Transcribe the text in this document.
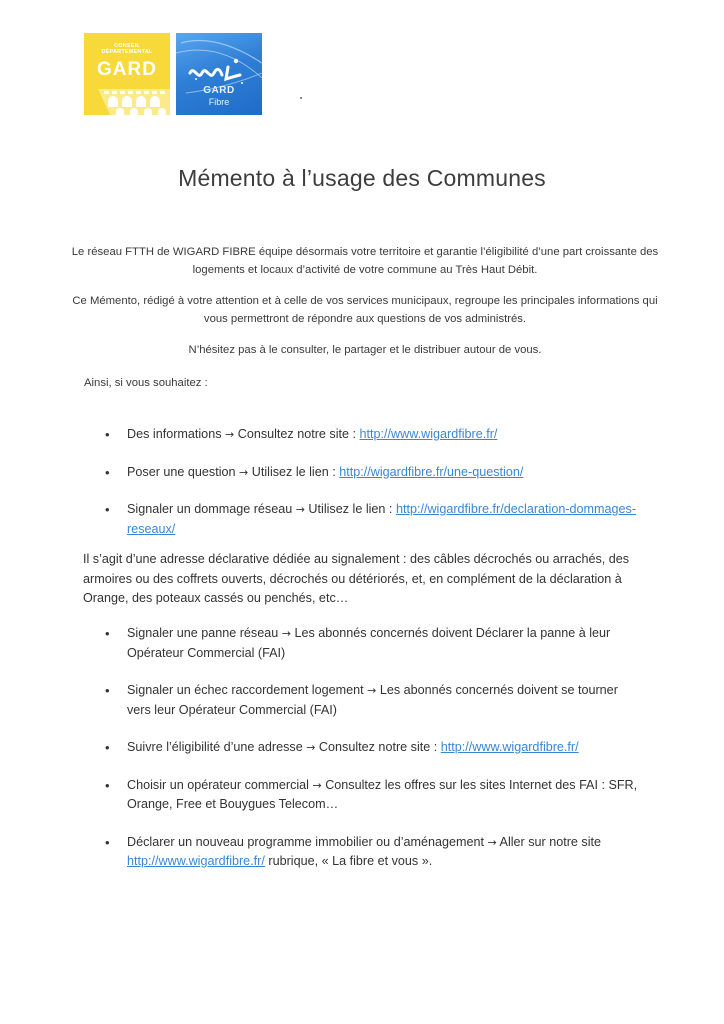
CONSEIL
DÉPARTEMENTAL
GARD
GARD
Fibre
Mémento à l’usage des Communes

Le réseau FTTH de WIGARD FIBRE équipe désormais votre territoire et garantie l’éligibilité d’une part croissante des logements et locaux d’activité de votre commune au Très Haut Débit.

Ce Mémento, rédigé à votre attention et à celle de vos services municipaux, regroupe les principales informations qui vous permettront de répondre aux questions de vos administrés.

N’hésitez pas à le consulter, le partager et le distribuer autour de vous.

Ainsi, si vous souhaitez :

• Des informations → Consultez notre site : http://www.wigardfibre.fr/
• Poser une question → Utilisez le lien : http://wigardfibre.fr/une-question/
• Signaler un dommage réseau → Utilisez le lien : http://wigardfibre.fr/declaration-dommages-reseaux/

Il s’agit d’une adresse déclarative dédiée au signalement : des câbles décrochés ou arrachés, des armoires ou des coffrets ouverts, décrochés ou détériorés, et, en complément de la déclaration à Orange, des poteaux cassés ou penchés, etc…

• Signaler une panne réseau → Les abonnés concernés doivent Déclarer la panne à leur Opérateur Commercial (FAI)
• Signaler un échec raccordement logement → Les abonnés concernés doivent se tourner vers leur Opérateur Commercial (FAI)
• Suivre l’éligibilité d’une adresse → Consultez notre site : http://www.wigardfibre.fr/
• Choisir un opérateur commercial → Consultez les offres sur les sites Internet des FAI : SFR, Orange, Free et Bouygues Telecom…
• Déclarer un nouveau programme immobilier ou d’aménagement → Aller sur notre site http://www.wigardfibre.fr/ rubrique, « La fibre et vous ».
